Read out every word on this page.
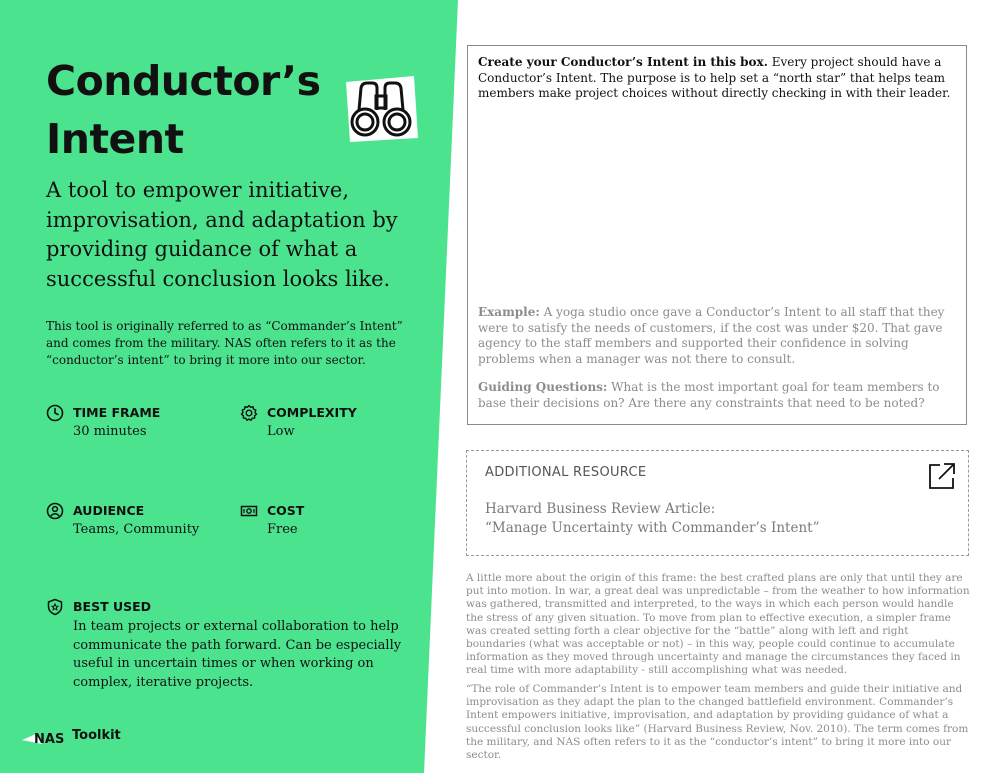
Conductor’s
Intent

A tool to empower initiative, improvisation, and adaptation by providing guidance of what a successful conclusion looks like.

This tool is originally referred to as “Commander’s Intent” and comes from the military. NAS often refers to it as the “conductor’s intent” to bring it more into our sector.

TIME FRAME
30 minutes
COMPLEXITY
Low
AUDIENCE
Teams, Community
COST
Free
BEST USED
In team projects or external collaboration to help communicate the path forward. Can be especially useful in uncertain times or when working on complex, iterative projects.
NAS Toolkit

Create your Conductor’s Intent in this box. Every project should have a Conductor’s Intent. The purpose is to help set a “north star” that helps team members make project choices without directly checking in with their leader.

Example: A yoga studio once gave a Conductor’s Intent to all staff that they were to satisfy the needs of customers, if the cost was under $20. That gave agency to the staff members and supported their confidence in solving problems when a manager was not there to consult.

Guiding Questions: What is the most important goal for team members to base their decisions on? Are there any constraints that need to be noted?

ADDITIONAL RESOURCE
Harvard Business Review Article:
“Manage Uncertainty with Commander’s Intent”

A little more about the origin of this frame: the best crafted plans are only that until they are put into motion. In war, a great deal was unpredictable – from the weather to how information was gathered, transmitted and interpreted, to the ways in which each person would handle the stress of any given situation. To move from plan to effective execution, a simpler frame was created setting forth a clear objective for the “battle” along with left and right boundaries (what was acceptable or not) – in this way, people could continue to accumulate information as they moved through uncertainty and manage the circumstances they faced in real time with more adaptability - still accomplishing what was needed.

“The role of Commander’s Intent is to empower team members and guide their initiative and improvisation as they adapt the plan to the changed battlefield environment. Commander’s Intent empowers initiative, improvisation, and adaptation by providing guidance of what a successful conclusion looks like” (Harvard Business Review, Nov. 2010). The term comes from the military, and NAS often refers to it as the “conductor’s intent” to bring it more into our sector.
